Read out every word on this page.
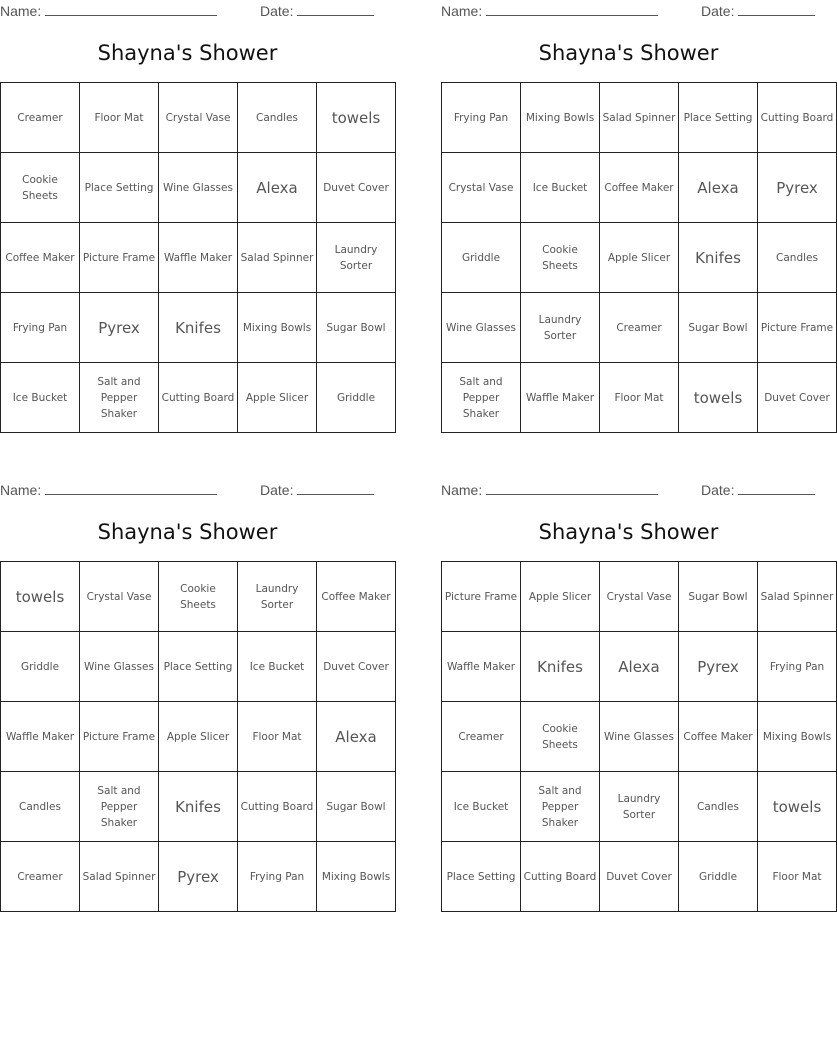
Name:	Date:
Shayna's Shower
Creamer	Floor Mat	Crystal Vase	Candles	towels
Cookie Sheets	Place Setting	Wine Glasses	Alexa	Duvet Cover
Coffee Maker	Picture Frame	Waffle Maker	Salad Spinner	Laundry Sorter
Frying Pan	Pyrex	Knifes	Mixing Bowls	Sugar Bowl
Ice Bucket	Salt and Pepper Shaker	Cutting Board	Apple Slicer	Griddle
Name:	Date:
Shayna's Shower
Frying Pan	Mixing Bowls	Salad Spinner	Place Setting	Cutting Board
Crystal Vase	Ice Bucket	Coffee Maker	Alexa	Pyrex
Griddle	Cookie Sheets	Apple Slicer	Knifes	Candles
Wine Glasses	Laundry Sorter	Creamer	Sugar Bowl	Picture Frame
Salt and Pepper Shaker	Waffle Maker	Floor Mat	towels	Duvet Cover
Name:	Date:
Shayna's Shower
towels	Crystal Vase	Cookie Sheets	Laundry Sorter	Coffee Maker
Griddle	Wine Glasses	Place Setting	Ice Bucket	Duvet Cover
Waffle Maker	Picture Frame	Apple Slicer	Floor Mat	Alexa
Candles	Salt and Pepper Shaker	Knifes	Cutting Board	Sugar Bowl
Creamer	Salad Spinner	Pyrex	Frying Pan	Mixing Bowls
Name:	Date:
Shayna's Shower
Picture Frame	Apple Slicer	Crystal Vase	Sugar Bowl	Salad Spinner
Waffle Maker	Knifes	Alexa	Pyrex	Frying Pan
Creamer	Cookie Sheets	Wine Glasses	Coffee Maker	Mixing Bowls
Ice Bucket	Salt and Pepper Shaker	Laundry Sorter	Candles	towels
Place Setting	Cutting Board	Duvet Cover	Griddle	Floor Mat
